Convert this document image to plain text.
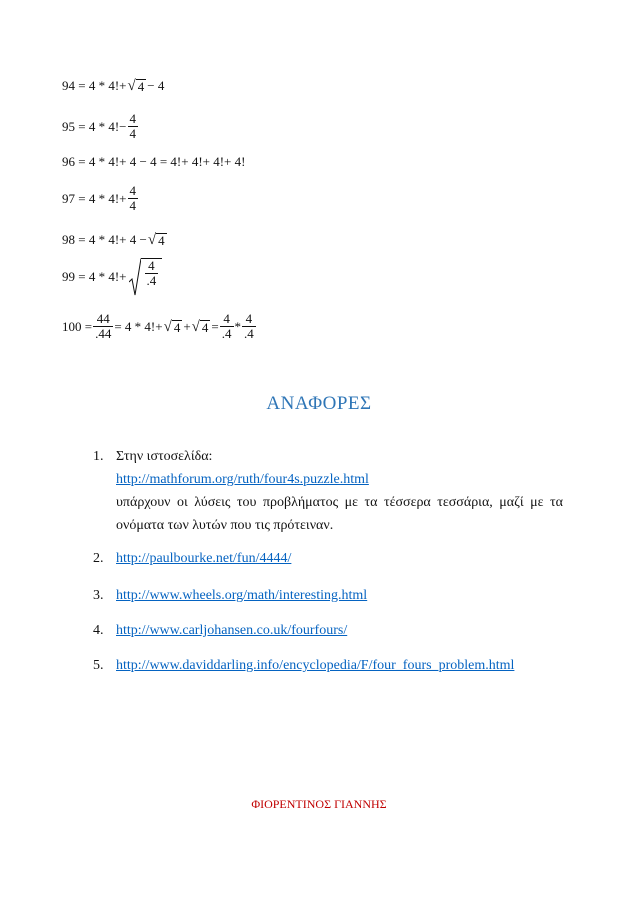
94 = 4 * 4!+ √ 4 − 4
$95 = 4 * 4!- \frac{4}{4}$
96 = 4 * 4!+ 4 − 4 = 4!+ 4!+ 4!+ 4!
$97 = 4 * 4!+ \frac{4}{4}$
98 = 4 * 4!+ 4 − √ 4
$99 = 4 * 4!+ \frac{4}{.4}$
$100 = \frac{44}{.44} = 4 * 4!+$ √ 4 + √ $4 = \frac{4}{.4} * \frac{4}{.4}$
ΑΝΑΦΟΡΕΣ
1. Στην ιστοσελίδα:
http://mathforum.org/ruth/four4s.puzzle.html
υπάρχουν οι λύσεις του προβλήματος με τα τέσσερα τεσσάρια, μαζί με τα
ονόματα των λυτών που τις πρότειναν.
2. http://paulbourke.net/fun/4444/
3. http://www.wheels.org/math/interesting.html
4. http://www.carljohansen.co.uk/fourfours/
5. http://www.daviddarling.info/encyclopedia/F/four_fours_problem.html
ΦΙΟΡΕΝΤΙΝΟΣ ΓΙΑΝΝΗΣ
